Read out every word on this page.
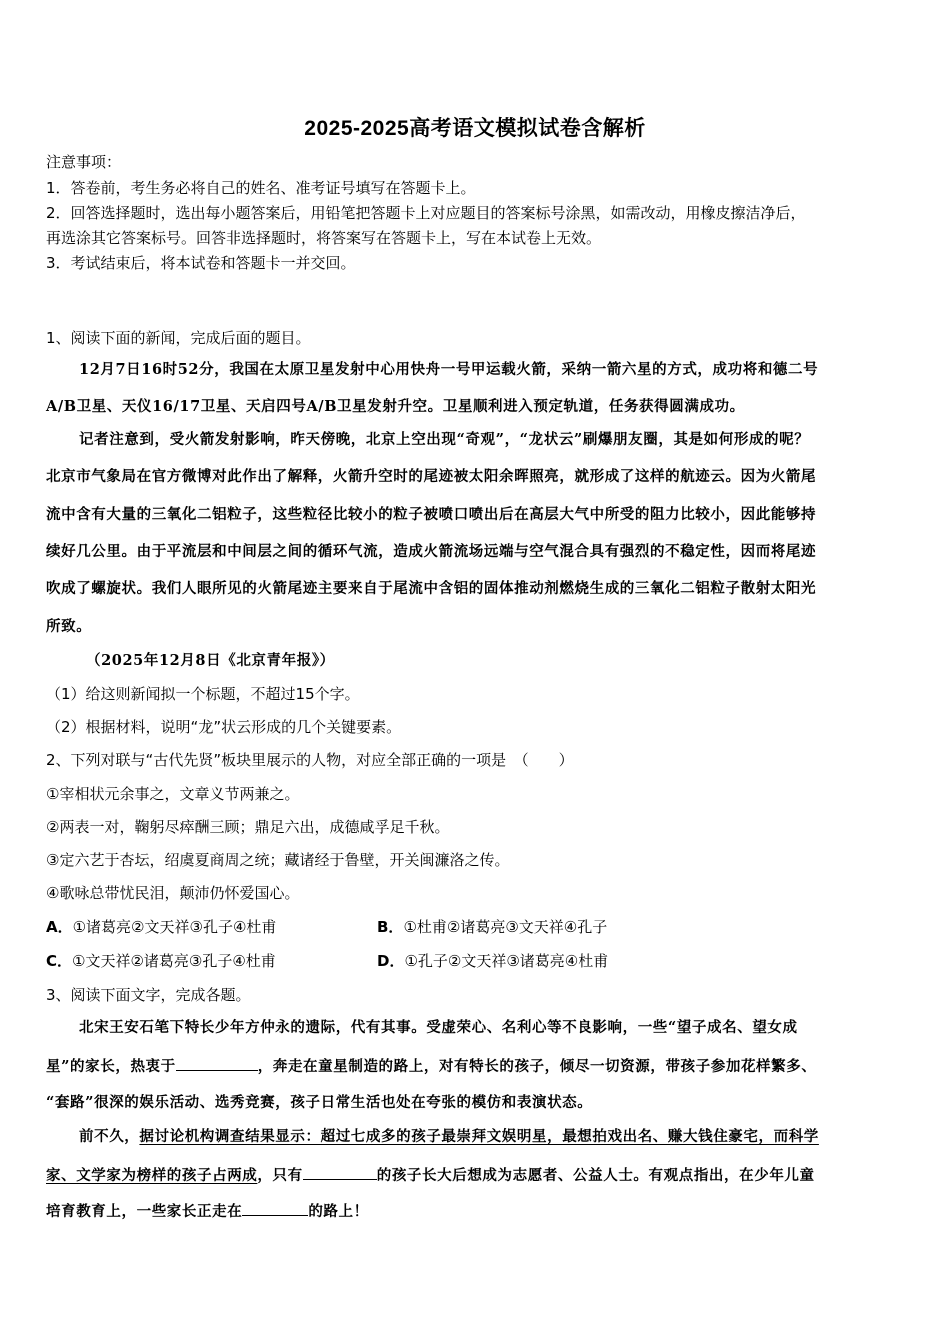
2025-2025高考语文模拟试卷含解析
注意事项：
1．答卷前，考生务必将自己的姓名、准考证号填写在答题卡上。
2．回答选择题时，选出每小题答案后，用铅笔把答题卡上对应题目的答案标号涂黑，如需改动，用橡皮擦洁净后，
再选涂其它答案标号。回答非选择题时，将答案写在答题卡上，写在本试卷上无效。
3．考试结束后，将本试卷和答题卡一并交回。
1、阅读下面的新闻，完成后面的题目。
12月7日16时52分，我国在太原卫星发射中心用快舟一号甲运载火箭，采纳一箭六星的方式，成功将和德二号
A/B卫星、天仪16/17卫星、天启四号A/B卫星发射升空。卫星顺利进入预定轨道，任务获得圆满成功。
记者注意到，受火箭发射影响，昨天傍晚，北京上空出现“奇观”，“龙状云”刷爆朋友圈，其是如何形成的呢？
北京市气象局在官方微博对此作出了解释，火箭升空时的尾迹被太阳余晖照亮，就形成了这样的航迹云。因为火箭尾
流中含有大量的三氧化二铝粒子，这些粒径比较小的粒子被喷口喷出后在高层大气中所受的阻力比较小，因此能够持
续好几公里。由于平流层和中间层之间的循环气流，造成火箭流场远端与空气混合具有强烈的不稳定性，因而将尾迹
吹成了螺旋状。我们人眼所见的火箭尾迹主要来自于尾流中含铝的固体推动剂燃烧生成的三氧化二铝粒子散射太阳光
所致。
（2025年12月8日《北京青年报》）
（1）给这则新闻拟一个标题，不超过15个字。
（2）根据材料，说明“龙”状云形成的几个关键要素。
2、下列对联与“古代先贤”板块里展示的人物，对应全部正确的一项是　（　　）
①宰相状元余事之，文章义节两兼之。
②两表一对，鞠躬尽瘁酬三顾；鼎足六出，成德咸孚足千秋。
③定六艺于杏坛，绍虞夏商周之统；藏诸经于鲁壁，开关闽濂洛之传。
④歌咏总带忧民泪，颠沛仍怀爱国心。
A．①诸葛亮②文天祥③孔子④杜甫	B．①杜甫②诸葛亮③文天祥④孔子
C．①文天祥②诸葛亮③孔子④杜甫	D．①孔子②文天祥③诸葛亮④杜甫
3、阅读下面文字，完成各题。
北宋王安石笔下特长少年方仲永的遗际，代有其事。受虚荣心、名利心等不良影响，一些“望子成名、望女成
星”的家长，热衷于	，奔走在童星制造的路上，对有特长的孩子，倾尽一切资源，带孩子参加花样繁多、
“套路”很深的娱乐活动、选秀竞赛，孩子日常生活也处在夸张的模仿和表演状态。
前不久，据讨论机构调查结果显示：超过七成多的孩子最崇拜文娱明星，最想拍戏出名、赚大钱住豪宅，而科学
家、文学家为榜样的孩子占两成，只有	的孩子长大后想成为志愿者、公益人士。有观点指出，在少年儿童
培育教育上，一些家长正走在	的路上！
